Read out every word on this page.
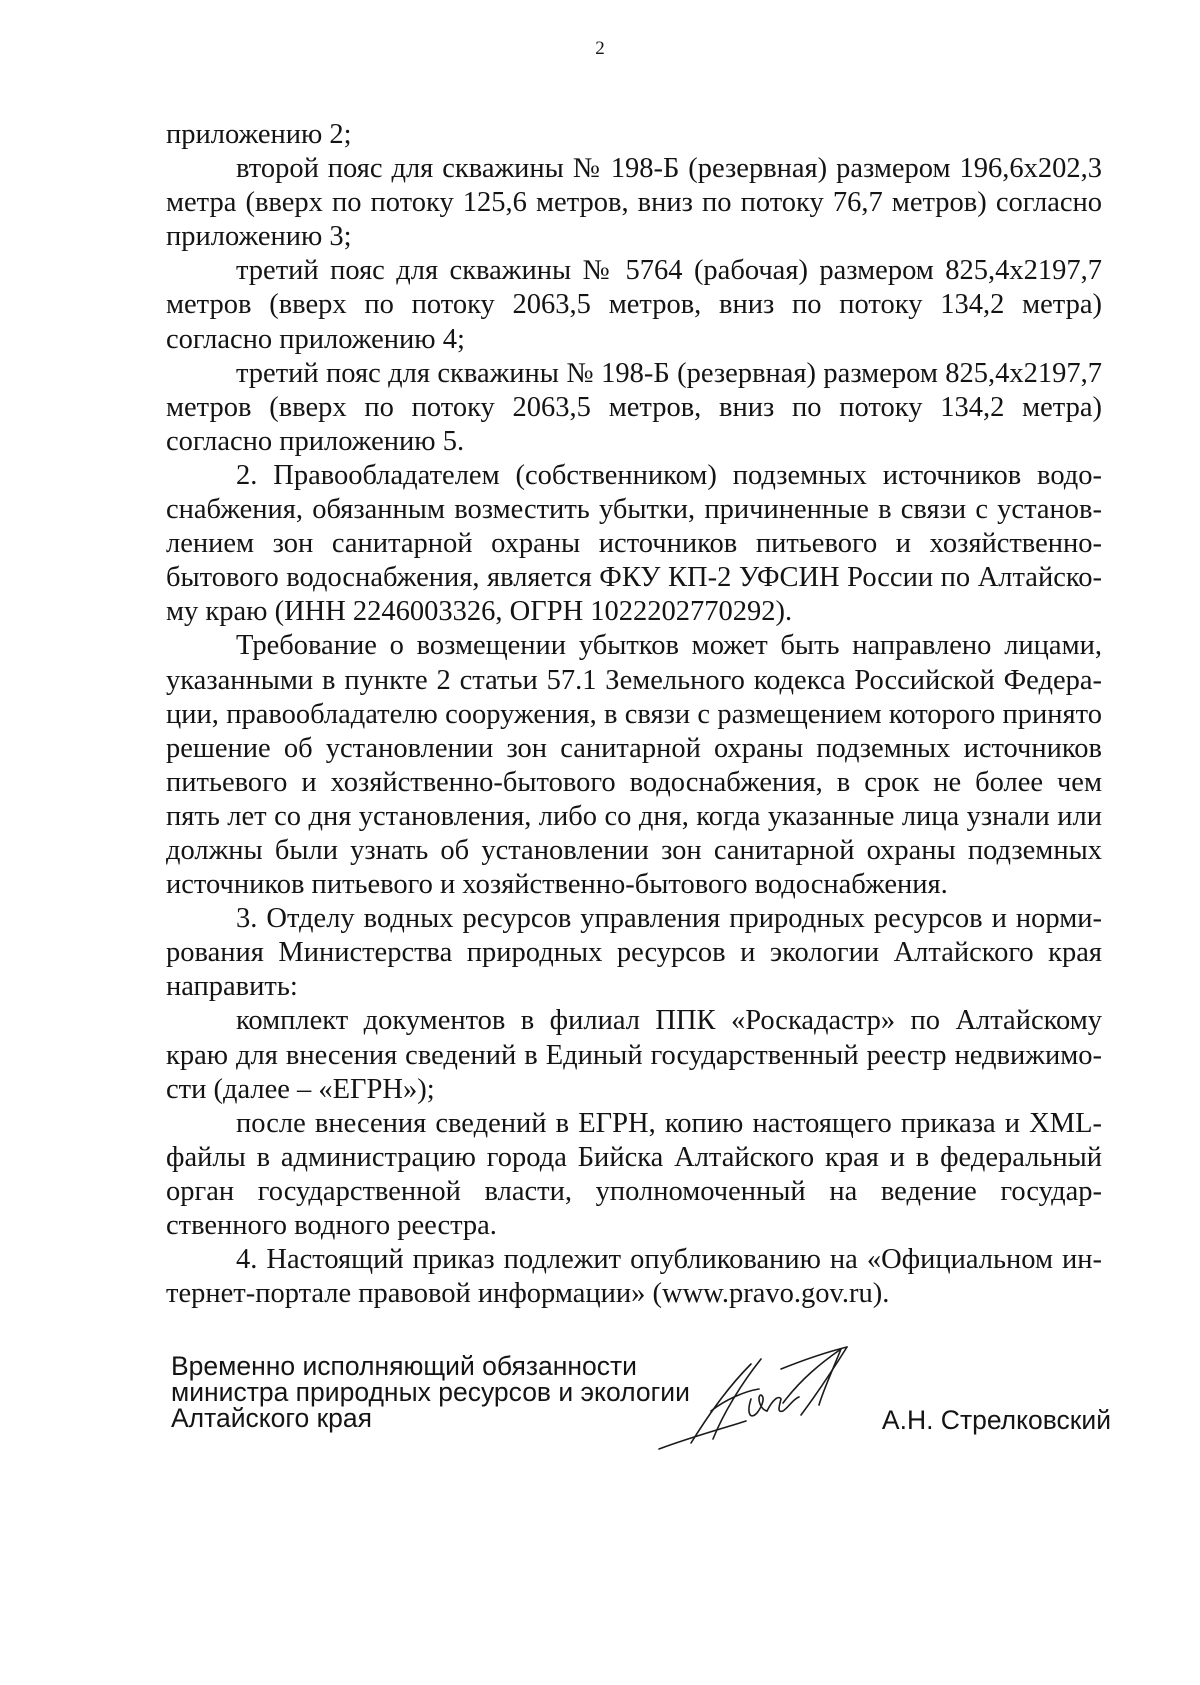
2

приложению 2;

второй пояс для скважины № 198-Б (резервная) размером 196,6х202,3 метра (вверх по потоку 125,6 метров, вниз по потоку 76,7 метров) согласно приложению 3;

третий пояс для скважины № 5764 (рабочая) размером 825,4х2197,7 метров (вверх по потоку 2063,5 метров, вниз по потоку 134,2 метра) согласно приложению 4;

третий пояс для скважины № 198-Б (резервная) размером 825,4х2197,7 метров (вверх по потоку 2063,5 метров, вниз по потоку 134,2 метра) согласно приложению 5.

2. Правообладателем (собственником) подземных источников водоснабжения, обязанным возместить убытки, причиненные в связи с установлением зон санитарной охраны источников питьевого и хозяйственно-бытового водоснабжения, является ФКУ КП-2 УФСИН России по Алтайскому краю (ИНН 2246003326, ОГРН 1022202770292).

Требование о возмещении убытков может быть направлено лицами, указанными в пункте 2 статьи 57.1 Земельного кодекса Российской Федерации, правообладателю сооружения, в связи с размещением которого принято решение об установлении зон санитарной охраны подземных источников питьевого и хозяйственно-бытового водоснабжения, в срок не более чем пять лет со дня установления, либо со дня, когда указанные лица узнали или должны были узнать об установлении зон санитарной охраны подземных источников питьевого и хозяйственно-бытового водоснабжения.

3. Отделу водных ресурсов управления природных ресурсов и нормирования Министерства природных ресурсов и экологии Алтайского края направить:

комплект документов в филиал ППК «Роскадастр» по Алтайскому краю для внесения сведений в Единый государственный реестр недвижимости (далее – «ЕГРН»);

после внесения сведений в ЕГРН, копию настоящего приказа и XML-файлы в администрацию города Бийска Алтайского края и в федеральный орган государственной власти, уполномоченный на ведение государственного водного реестра.

4. Настоящий приказ подлежит опубликованию на «Официальном интернет-портале правовой информации» (www.pravo.gov.ru).

Временно исполняющий обязанности
министра природных ресурсов и экологии
Алтайского края	А.Н. Стрелковский
